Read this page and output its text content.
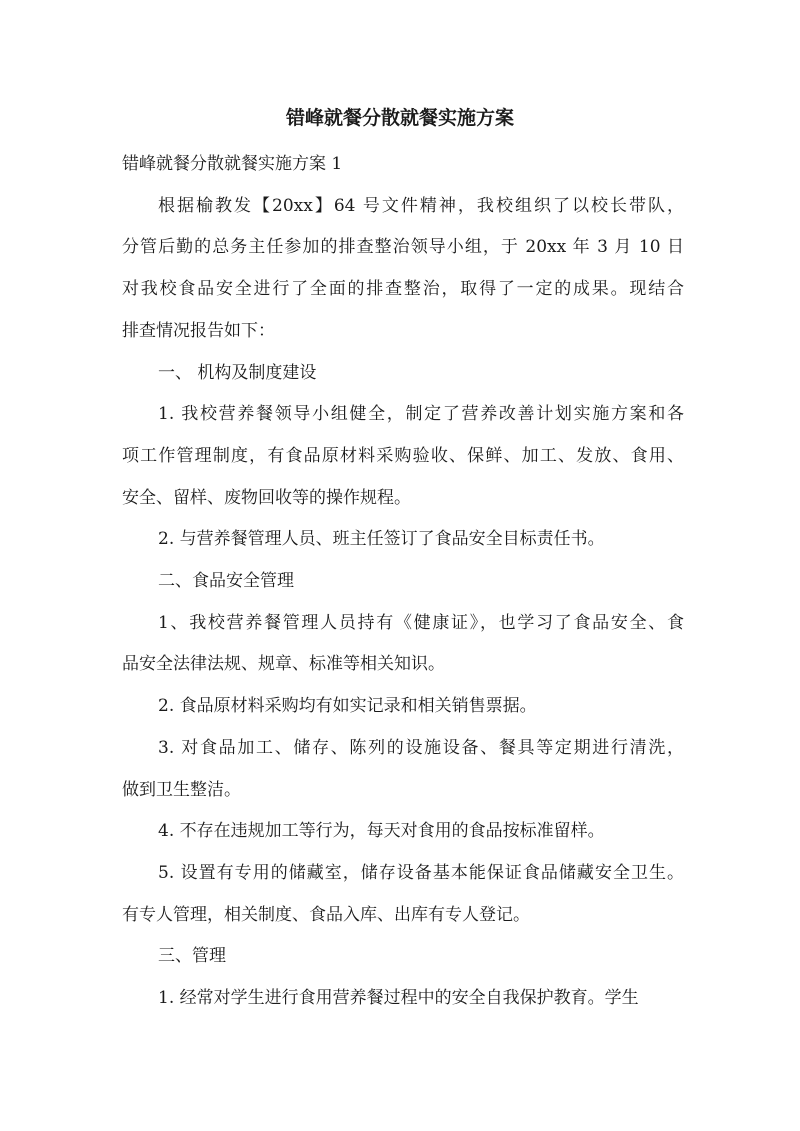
错峰就餐分散就餐实施方案

错峰就餐分散就餐实施方案 1

根据榆教发【20xx】64 号文件精神，我校组织了以校长带队，
分管后勤的总务主任参加的排查整治领导小组，于 20xx 年 3 月 10 日
对我校食品安全进行了全面的排查整治，取得了一定的成果。现结合
排查情况报告如下：

一、 机构及制度建设

1. 我校营养餐领导小组健全，制定了营养改善计划实施方案和各
项工作管理制度，有食品原材料采购验收、保鲜、加工、发放、食用、
安全、留样、废物回收等的操作规程。

2. 与营养餐管理人员、班主任签订了食品安全目标责任书。

二、食品安全管理

1、我校营养餐管理人员持有《健康证》，也学习了食品安全、食
品安全法律法规、规章、标准等相关知识。

2. 食品原材料采购均有如实记录和相关销售票据。

3. 对食品加工、储存、陈列的设施设备、餐具等定期进行清洗，
做到卫生整洁。

4. 不存在违规加工等行为，每天对食用的食品按标准留样。

5. 设置有专用的储藏室，储存设备基本能保证食品储藏安全卫生。
有专人管理，相关制度、食品入库、出库有专人登记。

三、管理

1. 经常对学生进行食用营养餐过程中的安全自我保护教育。学生
